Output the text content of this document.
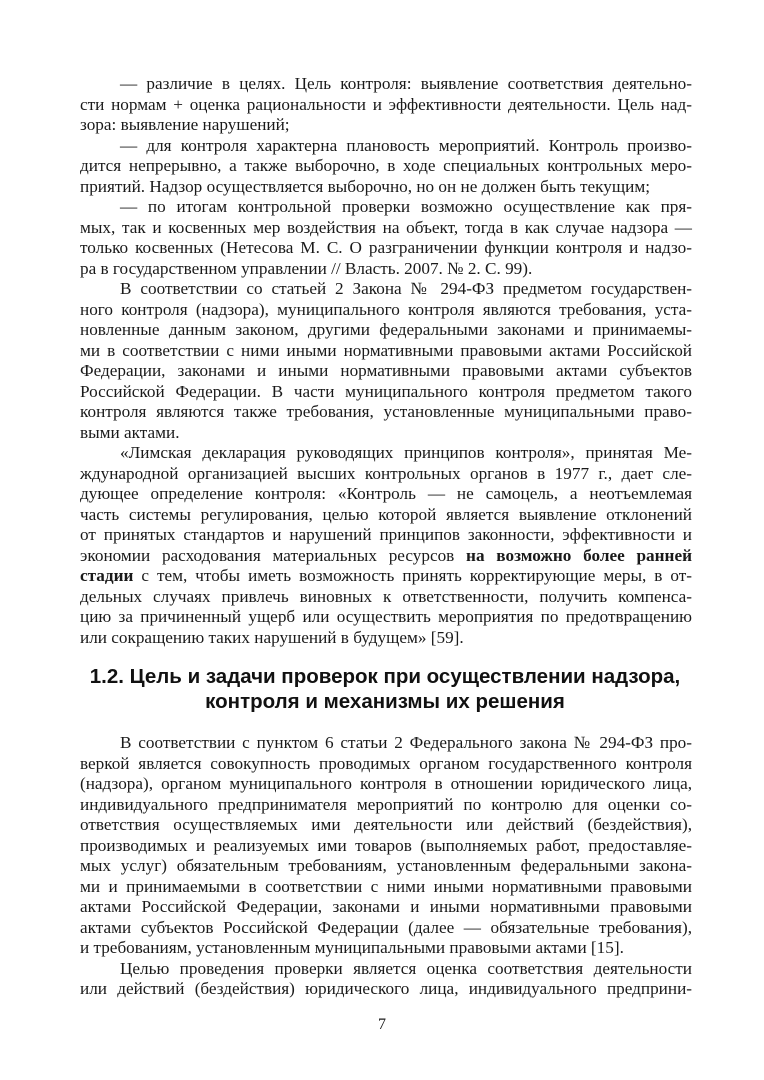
— различие в целях. Цель контроля: выявление соответствия деятельно-
сти нормам + оценка рациональности и эффективности деятельности. Цель над-
зора: выявление нарушений;
— для контроля характерна плановость мероприятий. Контроль произво-
дится непрерывно, а также выборочно, в ходе специальных контрольных меро-
приятий. Надзор осуществляется выборочно, но он не должен быть текущим;
— по итогам контрольной проверки возможно осуществление как пря-
мых, так и косвенных мер воздействия на объект, тогда в как случае надзора —
только косвенных (Нетесова М. С. О разграничении функции контроля и надзо-
ра в государственном управлении // Власть. 2007. № 2. С. 99).
В соответствии со статьей 2 Закона № 294-ФЗ предметом государствен-
ного контроля (надзора), муниципального контроля являются требования, уста-
новленные данным законом, другими федеральными законами и принимаемы-
ми в соответствии с ними иными нормативными правовыми актами Российской
Федерации, законами и иными нормативными правовыми актами субъектов
Российской Федерации. В части муниципального контроля предметом такого
контроля являются также требования, установленные муниципальными право-
выми актами.
«Лимская декларация руководящих принципов контроля», принятая Ме-
ждународной организацией высших контрольных органов в 1977 г., дает сле-
дующее определение контроля: «Контроль — не самоцель, а неотъемлемая
часть системы регулирования, целью которой является выявление отклонений
от принятых стандартов и нарушений принципов законности, эффективности и
экономии расходования материальных ресурсов на возможно более ранней
стадии с тем, чтобы иметь возможность принять корректирующие меры, в от-
дельных случаях привлечь виновных к ответственности, получить компенса-
цию за причиненный ущерб или осуществить мероприятия по предотвращению
или сокращению таких нарушений в будущем» [59].
1.2. Цель и задачи проверок при осуществлении надзора,
контроля и механизмы их решения
В соответствии с пунктом 6 статьи 2 Федерального закона № 294-ФЗ про-
веркой является совокупность проводимых органом государственного контроля
(надзора), органом муниципального контроля в отношении юридического лица,
индивидуального предпринимателя мероприятий по контролю для оценки со-
ответствия осуществляемых ими деятельности или действий (бездействия),
производимых и реализуемых ими товаров (выполняемых работ, предоставляе-
мых услуг) обязательным требованиям, установленным федеральными закона-
ми и принимаемыми в соответствии с ними иными нормативными правовыми
актами Российской Федерации, законами и иными нормативными правовыми
актами субъектов Российской Федерации (далее — обязательные требования),
и требованиям, установленным муниципальными правовыми актами [15].
Целью проведения проверки является оценка соответствия деятельности
или действий (бездействия) юридического лица, индивидуального предприни-
7
